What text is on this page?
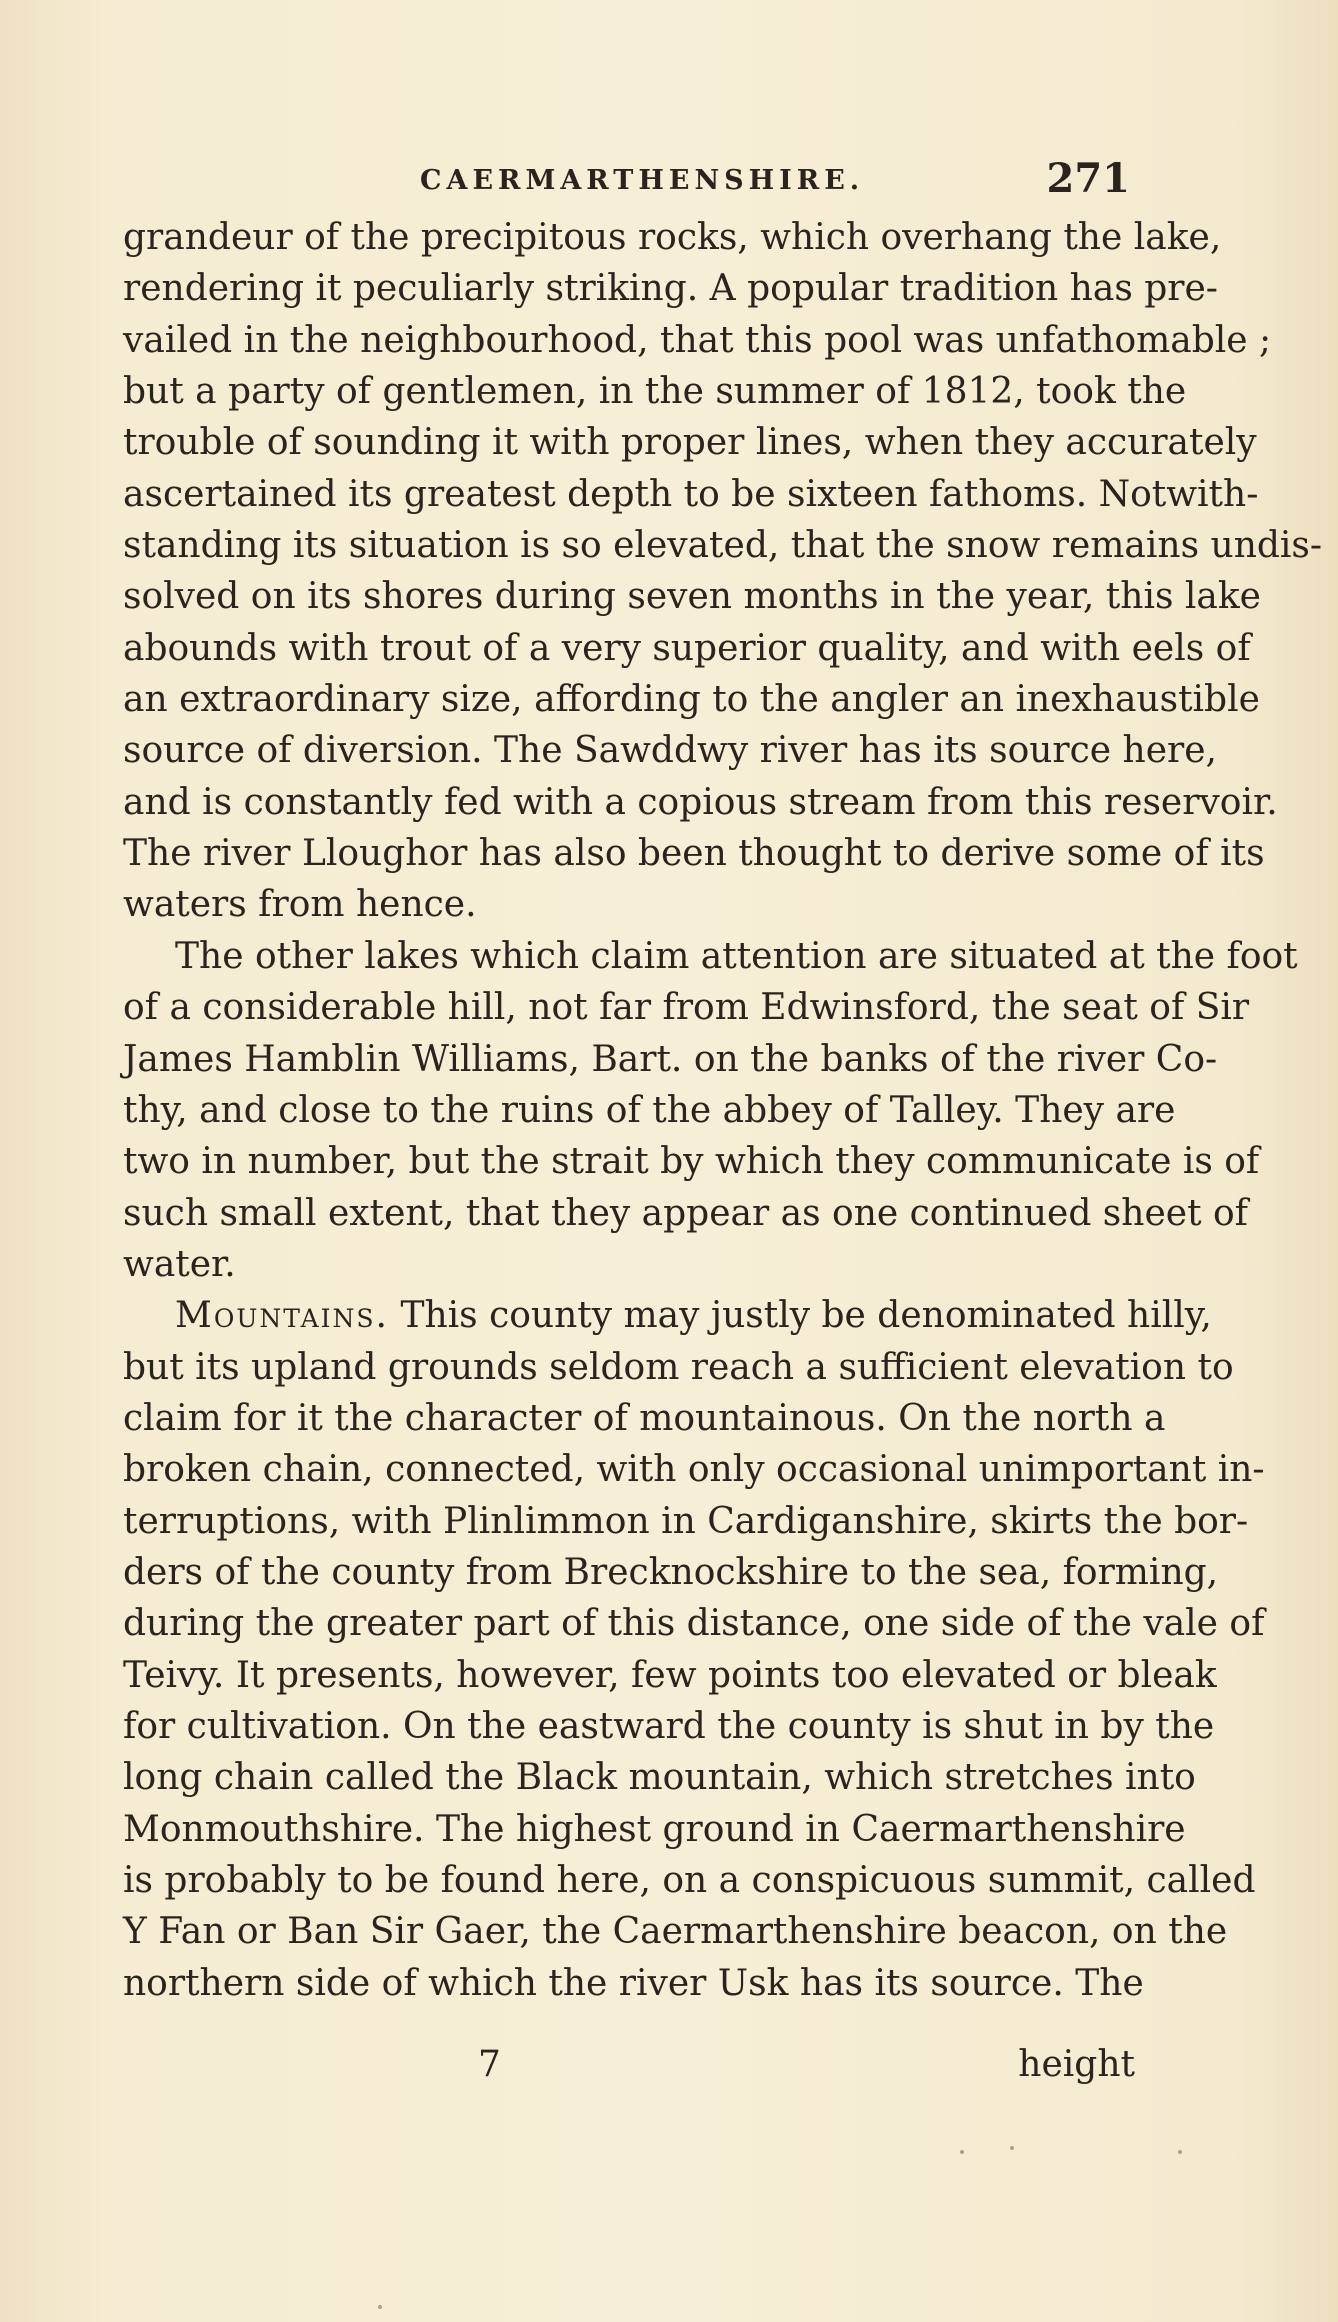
CAERMARTHENSHIRE.	271
grandeur of the precipitous rocks, which overhang the lake,
rendering it peculiarly striking. A popular tradition has pre-
vailed in the neighbourhood, that this pool was unfathomable ;
but a party of gentlemen, in the summer of 1812, took the
trouble of sounding it with proper lines, when they accurately
ascertained its greatest depth to be sixteen fathoms. Notwith-
standing its situation is so elevated, that the snow remains undis-
solved on its shores during seven months in the year, this lake
abounds with trout of a very superior quality, and with eels of
an extraordinary size, affording to the angler an inexhaustible
source of diversion. The Sawddwy river has its source here,
and is constantly fed with a copious stream from this reservoir.
The river Lloughor has also been thought to derive some of its
waters from hence.
The other lakes which claim attention are situated at the foot
of a considerable hill, not far from Edwinsford, the seat of Sir
James Hamblin Williams, Bart. on the banks of the river Co-
thy, and close to the ruins of the abbey of Talley. They are
two in number, but the strait by which they communicate is of
such small extent, that they appear as one continued sheet of
water.
Mountains. This county may justly be denominated hilly,
but its upland grounds seldom reach a sufficient elevation to
claim for it the character of mountainous. On the north a
broken chain, connected, with only occasional unimportant in-
terruptions, with Plinlimmon in Cardiganshire, skirts the bor-
ders of the county from Brecknockshire to the sea, forming,
during the greater part of this distance, one side of the vale of
Teivy. It presents, however, few points too elevated or bleak
for cultivation. On the eastward the county is shut in by the
long chain called the Black mountain, which stretches into
Monmouthshire. The highest ground in Caermarthenshire
is probably to be found here, on a conspicuous summit, called
Y Fan or Ban Sir Gaer, the Caermarthenshire beacon, on the
northern side of which the river Usk has its source. The
7	height
